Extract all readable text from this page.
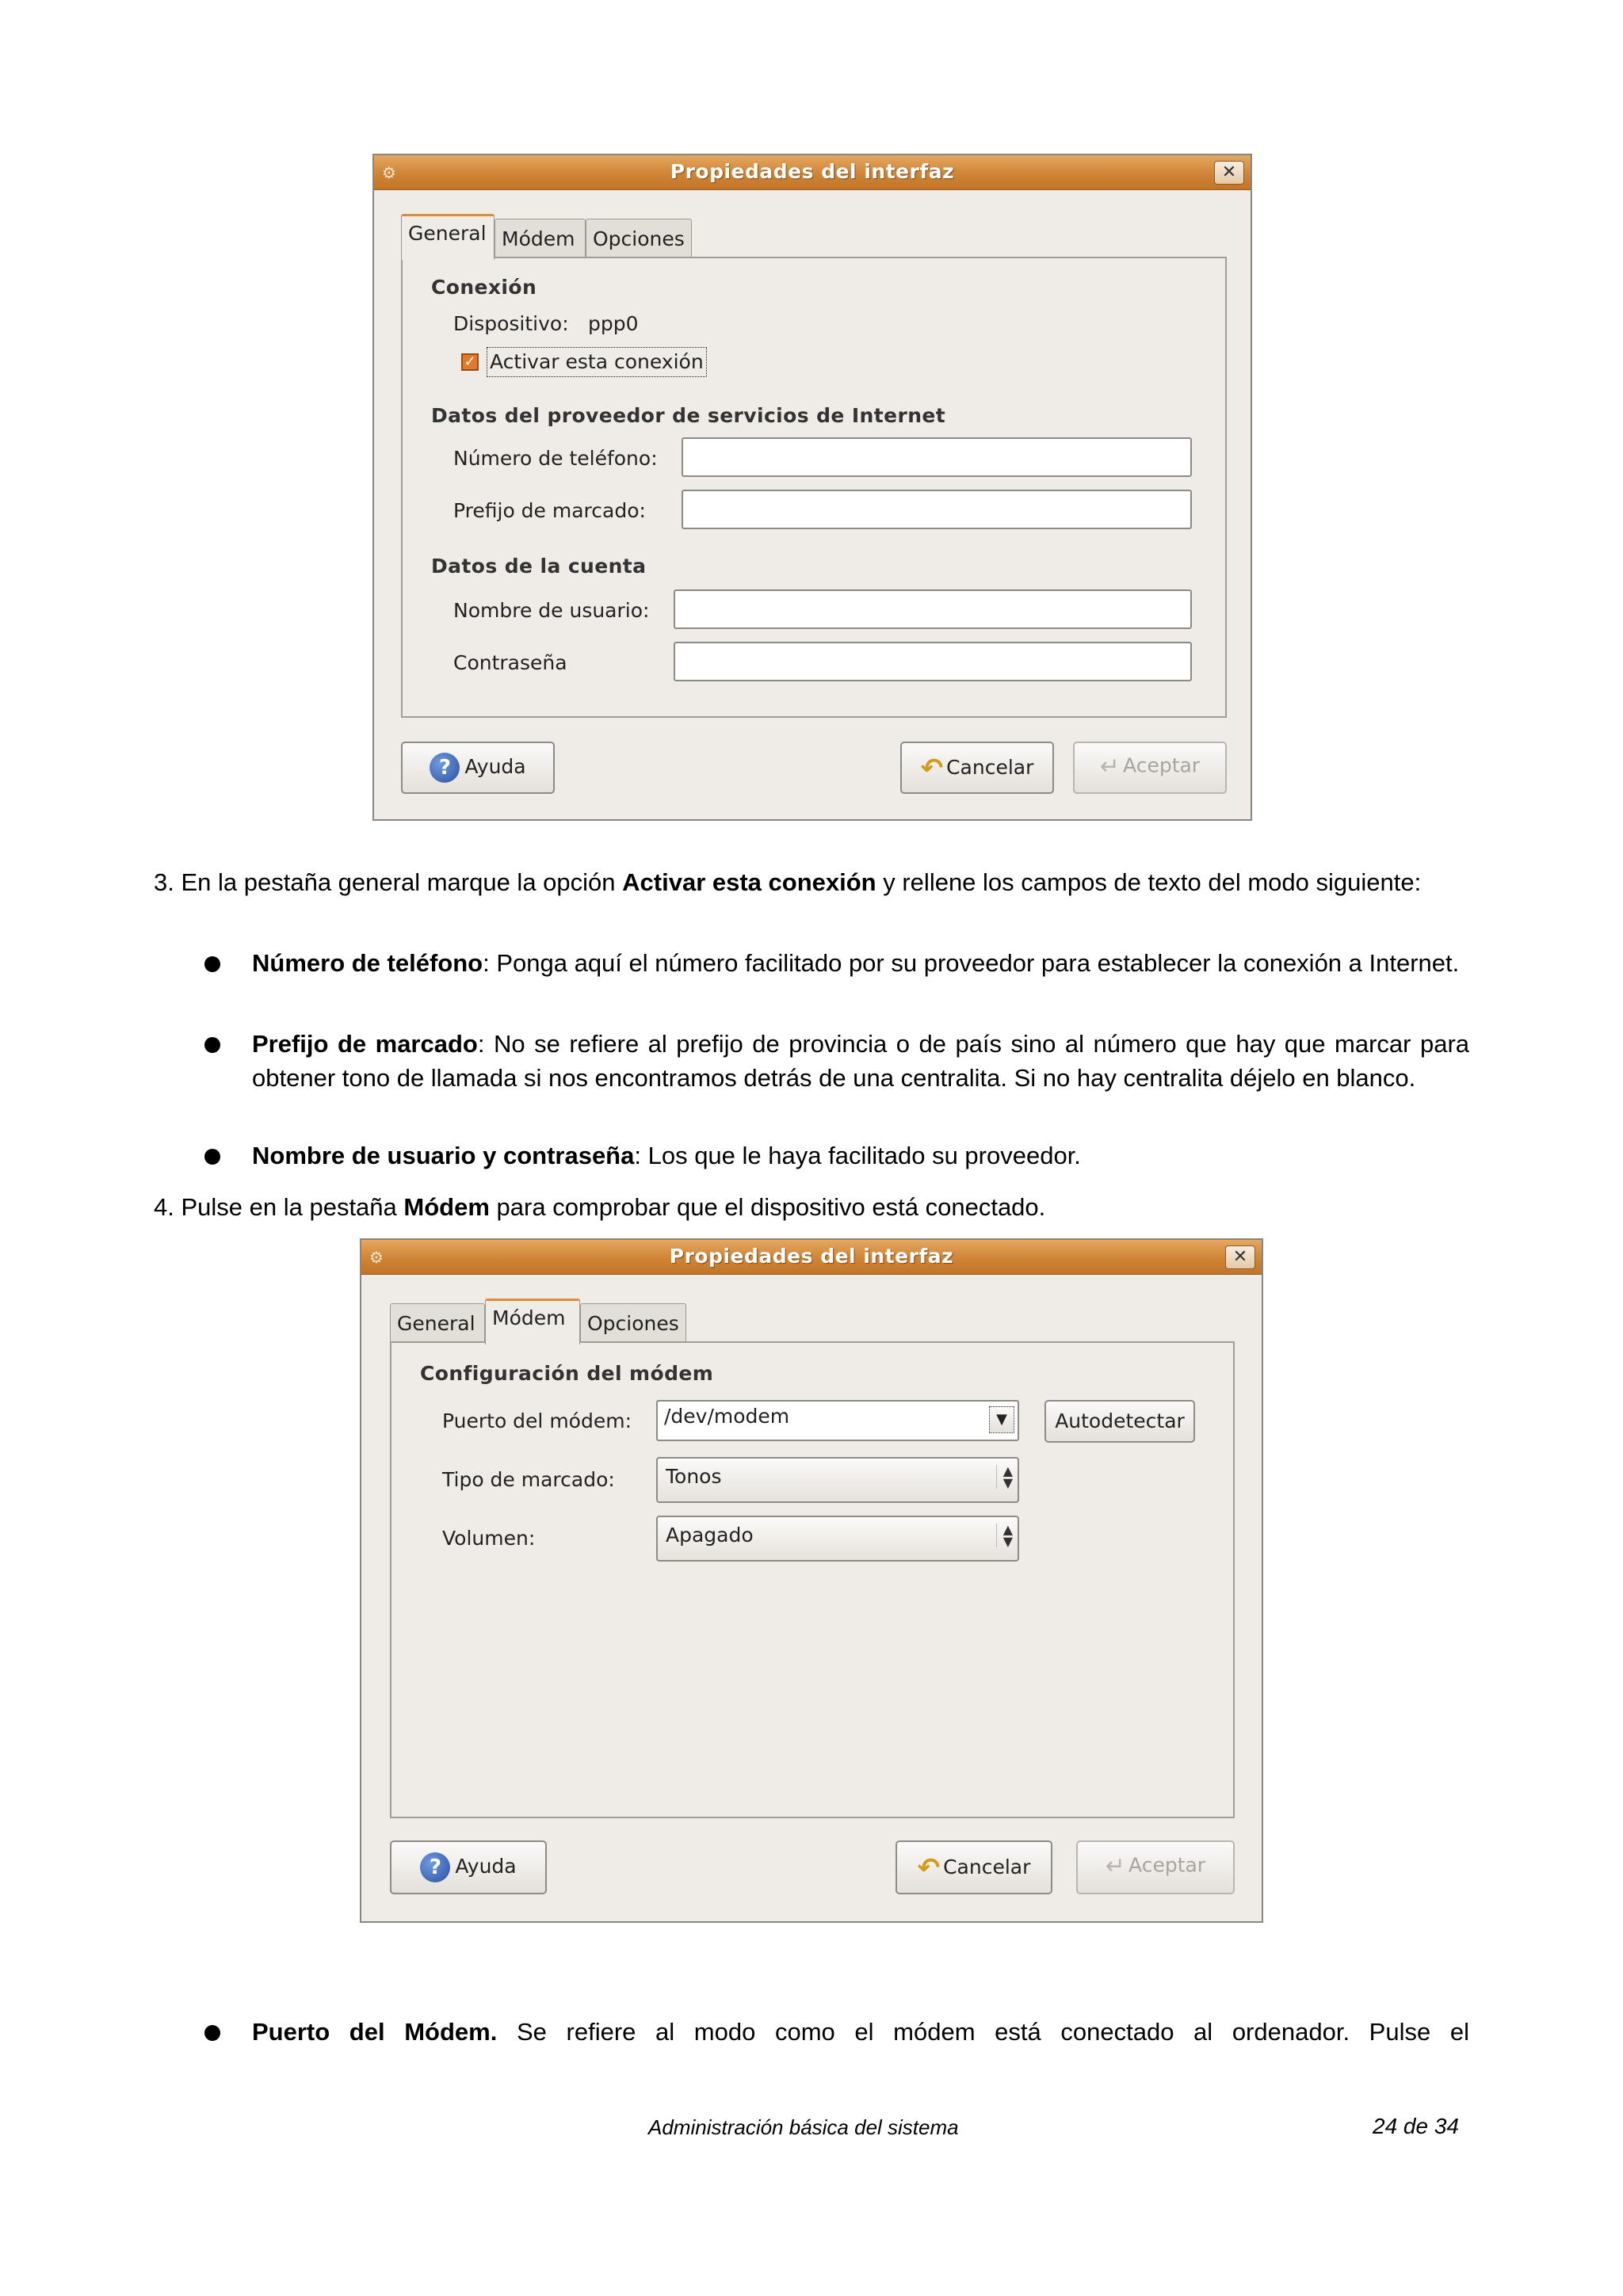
⚙	Propiedades del interfaz	✕
General Módem Opciones
Conexión
Dispositivo: ppp0
✓ Activar esta conexión
Datos del proveedor de servicios de Internet
Número de teléfono:
Prefijo de marcado:
Datos de la cuenta
Nombre de usuario:
Contraseña
? Ayuda	↶ Cancelar	↵ Aceptar
3. En la pestaña general marque la opción Activar esta conexión y rellene los campos de texto del modo siguiente:
Número de teléfono: Ponga aquí el número facilitado por su proveedor para establecer la conexión a Internet.
Prefijo de marcado: No se refiere al prefijo de provincia o de país sino al número que hay que marcar para obtener tono de llamada si nos encontramos detrás de una centralita. Si no hay centralita déjelo en blanco.
Nombre de usuario y contraseña: Los que le haya facilitado su proveedor.
4. Pulse en la pestaña Módem para comprobar que el dispositivo está conectado.
⚙	Propiedades del interfaz	✕
General Módem	Opciones
Configuración del módem
Puerto del módem:	/dev/modem	▼	Autodetectar
Tipo de marcado:	Tonos	▲
▼
Volumen:	Apagado	▲
▼
? Ayuda	↶ Cancelar	↵ Aceptar
Puerto del Módem. Se refiere al modo como el módem está conectado al ordenador. Pulse el
Administración básica del sistema	24 de 34
